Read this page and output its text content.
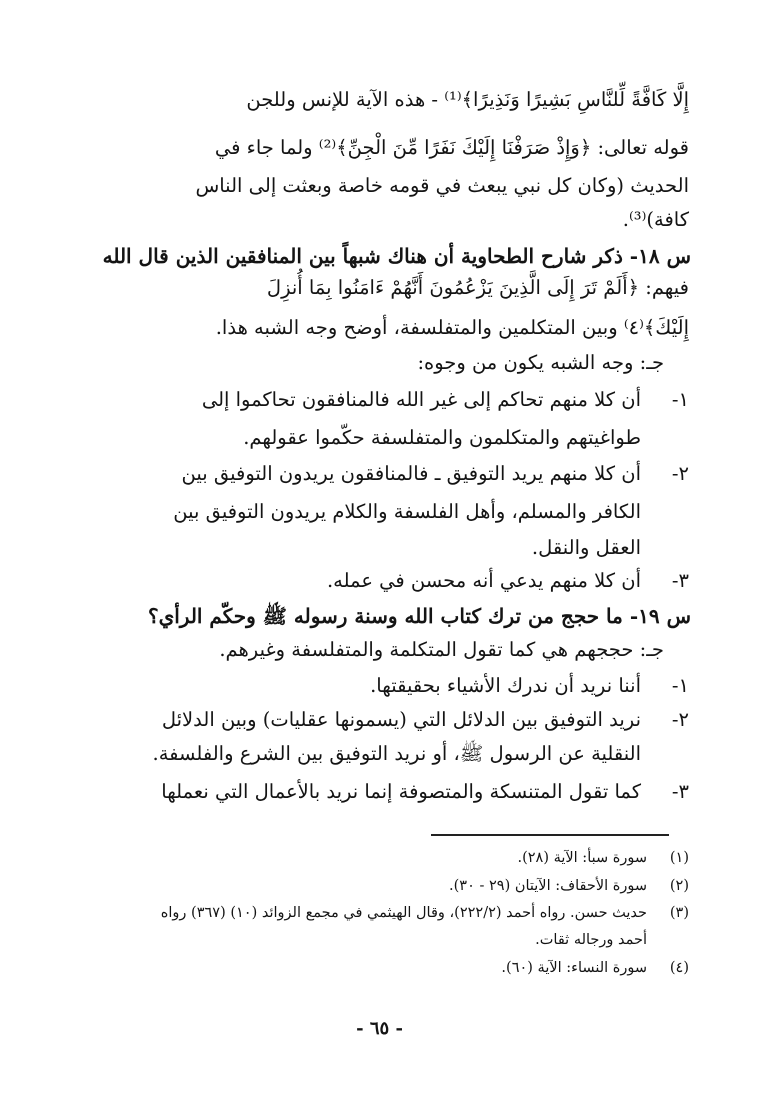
إِلَّا كَافَّةً لِّلنَّاسِ بَشِيرًا وَنَذِيرًا﴾⁽¹⁾ - هذه الآية للإنس وللجن
قوله تعالى: ﴿وَإِذْ صَرَفْنَا إِلَيْكَ نَفَرًا مِّنَ الْجِنِّ﴾⁽²⁾ ولما جاء في
الحديث (وكان كل نبي يبعث في قومه خاصة وبعثت إلى الناس
كافة)⁽³⁾.
س ١٨- ذكر شارح الطحاوية أن هناك شبهاً بين المنافقين الذين قال الله
فيهم: ﴿أَلَمْ تَرَ إِلَى الَّذِينَ يَزْعُمُونَ أَنَّهُمْ ءَامَنُوا بِمَا أُنزِلَ
إِلَيْكَ﴾⁽٤⁾ وبين المتكلمين والمتفلسفة، أوضح وجه الشبه هذا.
جـ: وجه الشبه يكون من وجوه:
١-
أن كلا منهم تحاكم إلى غير الله فالمنافقون تحاكموا إلى
طواغيتهم والمتكلمون والمتفلسفة حكّموا عقولهم.
٢-
أن كلا منهم يريد التوفيق ـ فالمنافقون يريدون التوفيق بين
الكافر والمسلم، وأهل الفلسفة والكلام يريدون التوفيق بين
العقل والنقل.
٣-
أن كلا منهم يدعي أنه محسن في عمله.
س ١٩- ما حجج من ترك كتاب الله وسنة رسوله ﷺ وحكّم الرأي؟
جـ: حججهم هي كما تقول المتكلمة والمتفلسفة وغيرهم.
١-
أننا نريد أن ندرك الأشياء بحقيقتها.
٢-
نريد التوفيق بين الدلائل التي (يسمونها عقليات) وبين الدلائل
النقلية عن الرسول ﷺ، أو نريد التوفيق بين الشرع والفلسفة.
٣-
كما تقول المتنسكة والمتصوفة إنما نريد بالأعمال التي نعملها
(١)
سورة سبأ: الآية (٢٨).
(٢)
سورة الأحقاف: الآيتان (٢٩ - ٣٠).
(٣)
حديث حسن. رواه أحمد (٢٢٢/٢)، وقال الهيثمي في مجمع الزوائد (١٠) (٣٦٧) رواه
أحمد ورجاله ثقات.
(٤)
سورة النساء: الآية (٦٠).
- ٦٥ -
